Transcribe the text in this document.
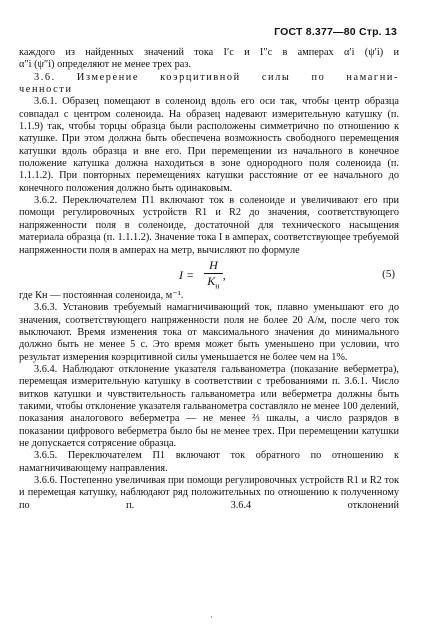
ГОСТ 8.377—80 Стр. 13

каждого из найденных значений тока I′с и I″с в амперах α′i (ψ′i) и

α″i (ψ″i) определяют не менее трех раз.

3.6. Измерение коэрцитивной силы по намагни-

ченности

3.6.1. Образец помещают в соленоид вдоль его оси так, чтобы центр образца совпадал с центром соленоида. На образец надевают измерительную катушку (п. 1.1.9) так, чтобы торцы образца были расположены симметрично по отношению к катушке. При этом должна быть обеспечена возможность свободного перемещения катушки вдоль образца и вне его. При перемещении из начального в конечное положение катушка должна находиться в зоне однородного поля соленоида (п. 1.1.1.2). При повторных перемещениях катушки расстояние от ее начального до конечного положения должно быть одинаковым.

3.6.2. Переключателем П1 включают ток в соленоиде и увеличивают его при помощи регулировочных устройств R1 и R2 до значения, соответствующего напряженности поля в соленоиде, достаточной для технического насыщения материала образца (п. 1.1.1.2). Значение тока I в амперах, соответствующее требуемой напряженности поля в амперах на метр, вычисляют по формуле

$I = \frac{H}{K_н}$ ,	(5)

где Кн — постоянная соленоида, м⁻¹.

3.6.3. Установив требуемый намагничивающий ток, плавно уменьшают его до значения, соответствующего напряженности поля не более 20 А/м, после чего ток выключают. Время изменения тока от максимального значения до минимального должно быть не менее 5 с. Это время может быть уменьшено при условии, что результат измерения коэрцитивной силы уменьшается не более чем на 1%.

3.6.4. Наблюдают отклонение указателя гальванометра (показание веберметра), перемещая измерительную катушку в соответствии с требованиями п. 3.6.1. Число витков катушки и чувствительность гальванометра или веберметра должны быть такими, чтобы отклонение указателя гальванометра составляло не менее 100 делений, показания аналогового веберметра — не менее ⅔ шкалы, а число разрядов в показании цифрового веберметра было бы не менее трех. При перемещении катушки не допускается сотрясение образца.

3.6.5. Переключателем П1 включают ток обратного по отношению к намагничивающему направления.

3.6.6. Постепенно увеличивая при помощи регулировочных устройств R1 и R2 ток и перемещая катушку, наблюдают ряд положительных по отношению к полученному по п. 3.6.4 отклонений

·
